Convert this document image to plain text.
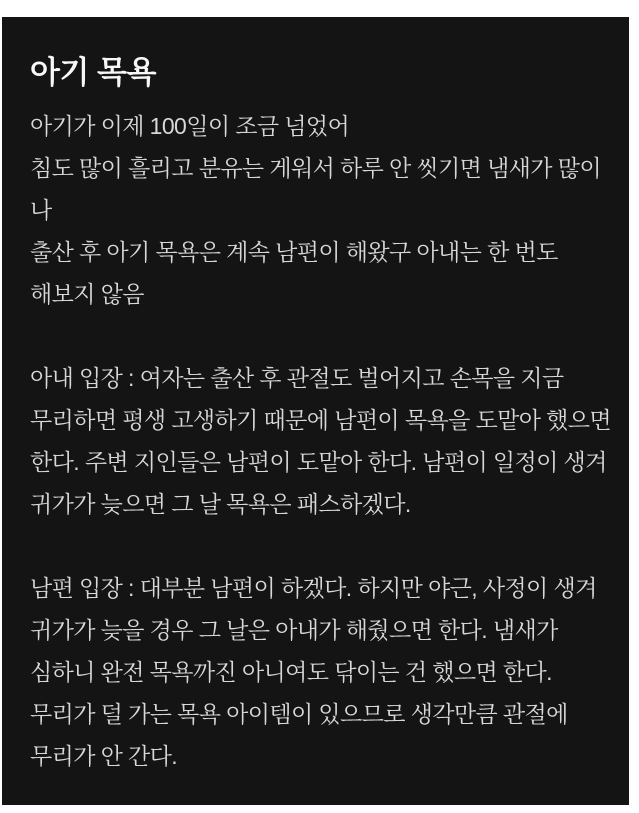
아기 목욕
아기가 이제 100일이 조금 넘었어
침도 많이 흘리고 분유는 게워서 하루 안 씻기면 냄새가 많이
나
출산 후 아기 목욕은 계속 남편이 해왔구 아내는 한 번도
해보지 않음
아내 입장 : 여자는 출산 후 관절도 벌어지고 손목을 지금
무리하면 평생 고생하기 때문에 남편이 목욕을 도맡아 했으면
한다. 주변 지인들은 남편이 도맡아 한다. 남편이 일정이 생겨
귀가가 늦으면 그 날 목욕은 패스하겠다.
남편 입장 : 대부분 남편이 하겠다. 하지만 야근, 사정이 생겨
귀가가 늦을 경우 그 날은 아내가 해줬으면 한다. 냄새가
심하니 완전 목욕까진 아니여도 닦이는 건 했으면 한다.
무리가 덜 가는 목욕 아이템이 있으므로 생각만큼 관절에
무리가 안 간다.
